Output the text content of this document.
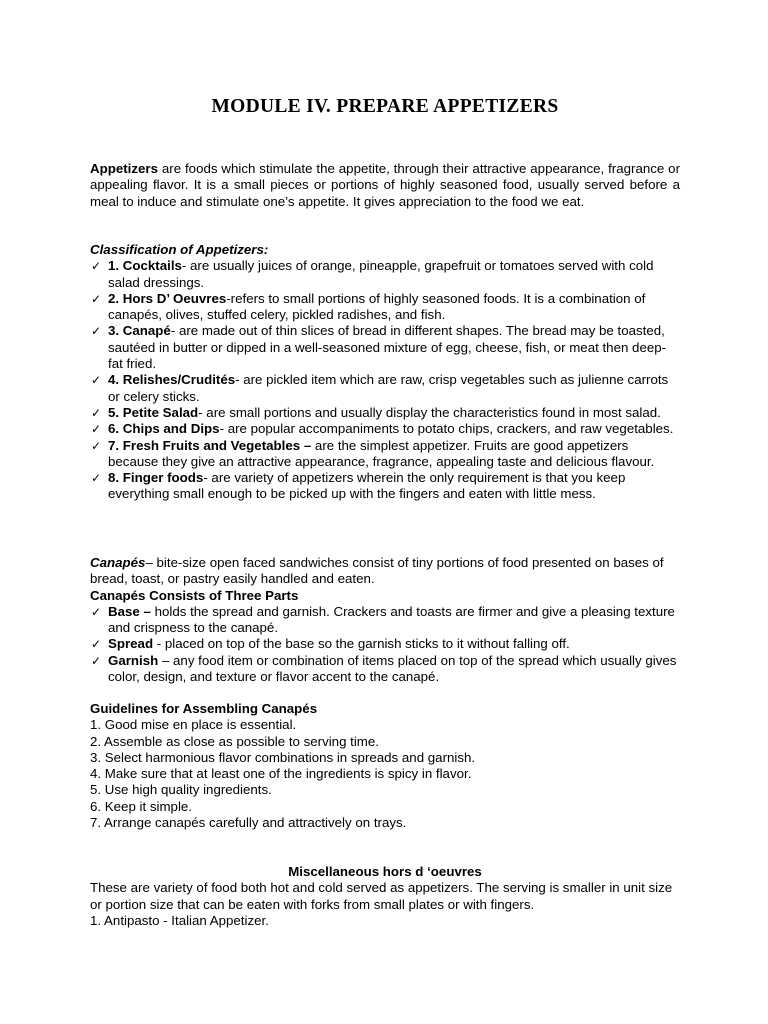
MODULE IV. PREPARE APPETIZERS
Appetizers are foods which stimulate the appetite, through their attractive appearance, fragrance or appealing flavor. It is a small pieces or portions of highly seasoned food, usually served before a meal to induce and stimulate one’s appetite. It gives appreciation to the food we eat.
Classification of Appetizers:
✓ 1. Cocktails- are usually juices of orange, pineapple, grapefruit or tomatoes served with cold salad dressings.
✓ 2. Hors D’ Oeuvres-refers to small portions of highly seasoned foods. It is a combination of canapés, olives, stuffed celery, pickled radishes, and fish.
✓ 3. Canapé- are made out of thin slices of bread in different shapes. The bread may be toasted, sautéed in butter or dipped in a well-seasoned mixture of egg, cheese, fish, or meat then deep-fat fried.
✓ 4. Relishes/Crudités- are pickled item which are raw, crisp vegetables such as julienne carrots or celery sticks.
✓ 5. Petite Salad- are small portions and usually display the characteristics found in most salad.
✓ 6. Chips and Dips- are popular accompaniments to potato chips, crackers, and raw vegetables.
✓ 7. Fresh Fruits and Vegetables – are the simplest appetizer. Fruits are good appetizers because they give an attractive appearance, fragrance, appealing taste and delicious flavour.
✓ 8. Finger foods- are variety of appetizers wherein the only requirement is that you keep everything small enough to be picked up with the fingers and eaten with little mess.
Canapés– bite-size open faced sandwiches consist of tiny portions of food presented on bases of bread, toast, or pastry easily handled and eaten.
Canapés Consists of Three Parts
✓ Base – holds the spread and garnish. Crackers and toasts are firmer and give a pleasing texture and crispness to the canapé.
✓ Spread - placed on top of the base so the garnish sticks to it without falling off.
✓ Garnish – any food item or combination of items placed on top of the spread which usually gives color, design, and texture or flavor accent to the canapé.
Guidelines for Assembling Canapés
1. Good mise en place is essential.
2. Assemble as close as possible to serving time.
3. Select harmonious flavor combinations in spreads and garnish.
4. Make sure that at least one of the ingredients is spicy in flavor.
5. Use high quality ingredients.
6. Keep it simple.
7. Arrange canapés carefully and attractively on trays.
Miscellaneous hors d ‘oeuvres
These are variety of food both hot and cold served as appetizers. The serving is smaller in unit size or portion size that can be eaten with forks from small plates or with fingers.
1. Antipasto - Italian Appetizer.
